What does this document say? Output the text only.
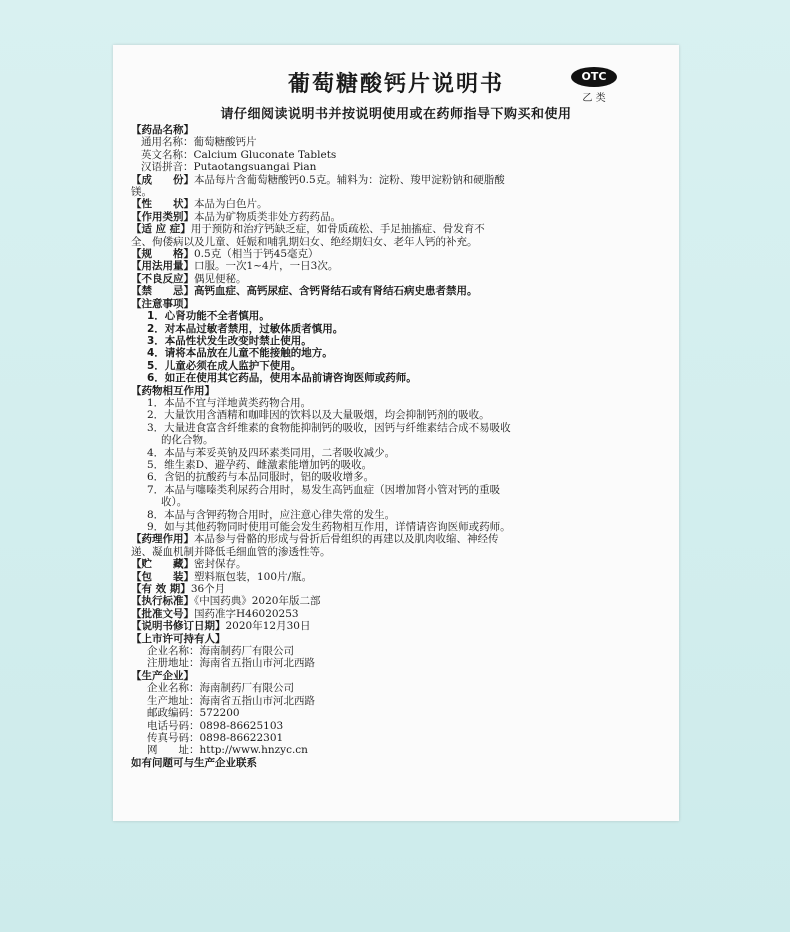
葡萄糖酸钙片说明书	OTC
乙 类
请仔细阅读说明书并按说明使用或在药师指导下购买和使用
【药品名称】
通用名称：葡萄糖酸钙片
英文名称：Calcium Gluconate Tablets
汉语拼音：Putaotangsuangai Pian
【成　　份】本品每片含葡萄糖酸钙0.5克。辅料为：淀粉、羧甲淀粉钠和硬脂酸
镁。
【性　　状】本品为白色片。
【作用类别】本品为矿物质类非处方药药品。
【适 应 症】用于预防和治疗钙缺乏症，如骨质疏松、手足抽搐症、骨发育不
全、佝偻病以及儿童、妊娠和哺乳期妇女、绝经期妇女、老年人钙的补充。
【规　　格】0.5克（相当于钙45毫克）
【用法用量】口服。一次1~4片，一日3次。
【不良反应】偶见便秘。
【禁　　忌】高钙血症、高钙尿症、含钙肾结石或有肾结石病史患者禁用。
【注意事项】
1．心肾功能不全者慎用。
2．对本品过敏者禁用，过敏体质者慎用。
3．本品性状发生改变时禁止使用。
4．请将本品放在儿童不能接触的地方。
5．儿童必须在成人监护下使用。
6．如正在使用其它药品，使用本品前请咨询医师或药师。
【药物相互作用】
1．本品不宜与洋地黄类药物合用。
2．大量饮用含酒精和咖啡因的饮料以及大量吸烟，均会抑制钙剂的吸收。
3．大量进食富含纤维素的食物能抑制钙的吸收，因钙与纤维素结合成不易吸收
的化合物。
4．本品与苯妥英钠及四环素类同用，二者吸收减少。
5．维生素D、避孕药、雌激素能增加钙的吸收。
6．含铝的抗酸药与本品同服时，铝的吸收增多。
7．本品与噻嗪类利尿药合用时，易发生高钙血症（因增加肾小管对钙的重吸
收）。
8．本品与含钾药物合用时，应注意心律失常的发生。
9．如与其他药物同时使用可能会发生药物相互作用，详情请咨询医师或药师。
【药理作用】本品参与骨骼的形成与骨折后骨组织的再建以及肌肉收缩、神经传
递、凝血机制并降低毛细血管的渗透性等。
【贮　　藏】密封保存。
【包　　装】塑料瓶包装，100片/瓶。
【有 效 期】36个月
【执行标准】《中国药典》2020年版二部
【批准文号】国药准字H46020253
【说明书修订日期】2020年12月30日
【上市许可持有人】
企业名称：海南制药厂有限公司
注册地址：海南省五指山市河北西路
【生产企业】
企业名称：海南制药厂有限公司
生产地址：海南省五指山市河北西路
邮政编码：572200
电话号码：0898-86625103
传真号码：0898-86622301
网　　址：http://www.hnzyc.cn
如有问题可与生产企业联系
